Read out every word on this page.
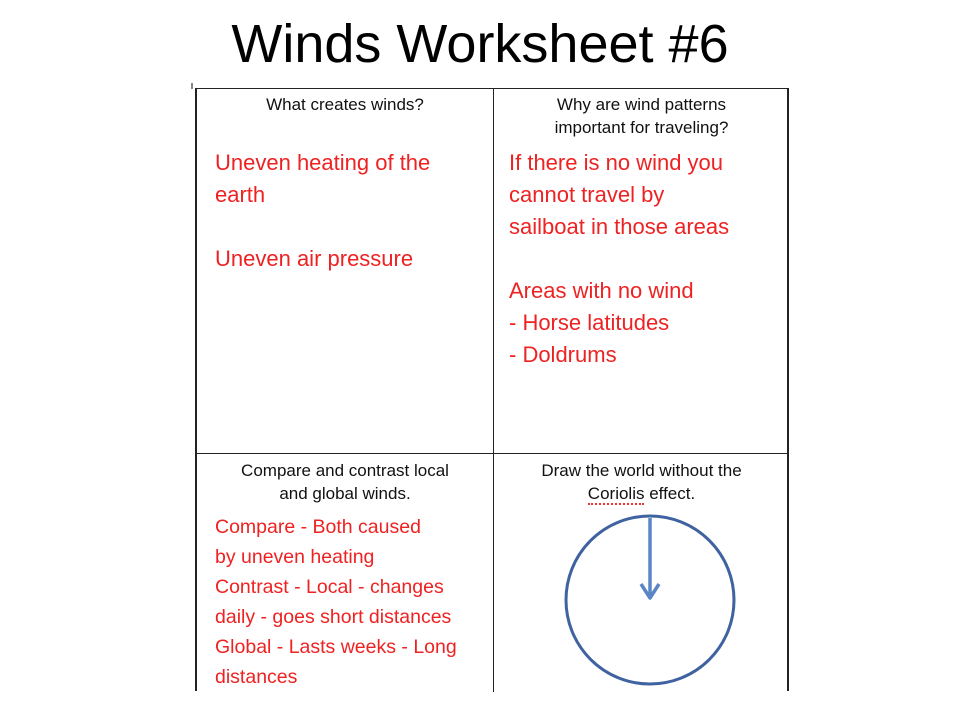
Winds Worksheet #6
What creates winds?
Uneven heating of the
earth

Uneven air pressure
Why are wind patterns
important for traveling?
If there is no wind you
cannot travel by
sailboat in those areas

Areas with no wind
- Horse latitudes
- Doldrums
Compare and contrast local
and global winds.
Compare - Both caused
by uneven heating
Contrast - Local - changes
daily - goes short distances
Global - Lasts weeks - Long
distances
Draw the world without the
Coriolis effect.
